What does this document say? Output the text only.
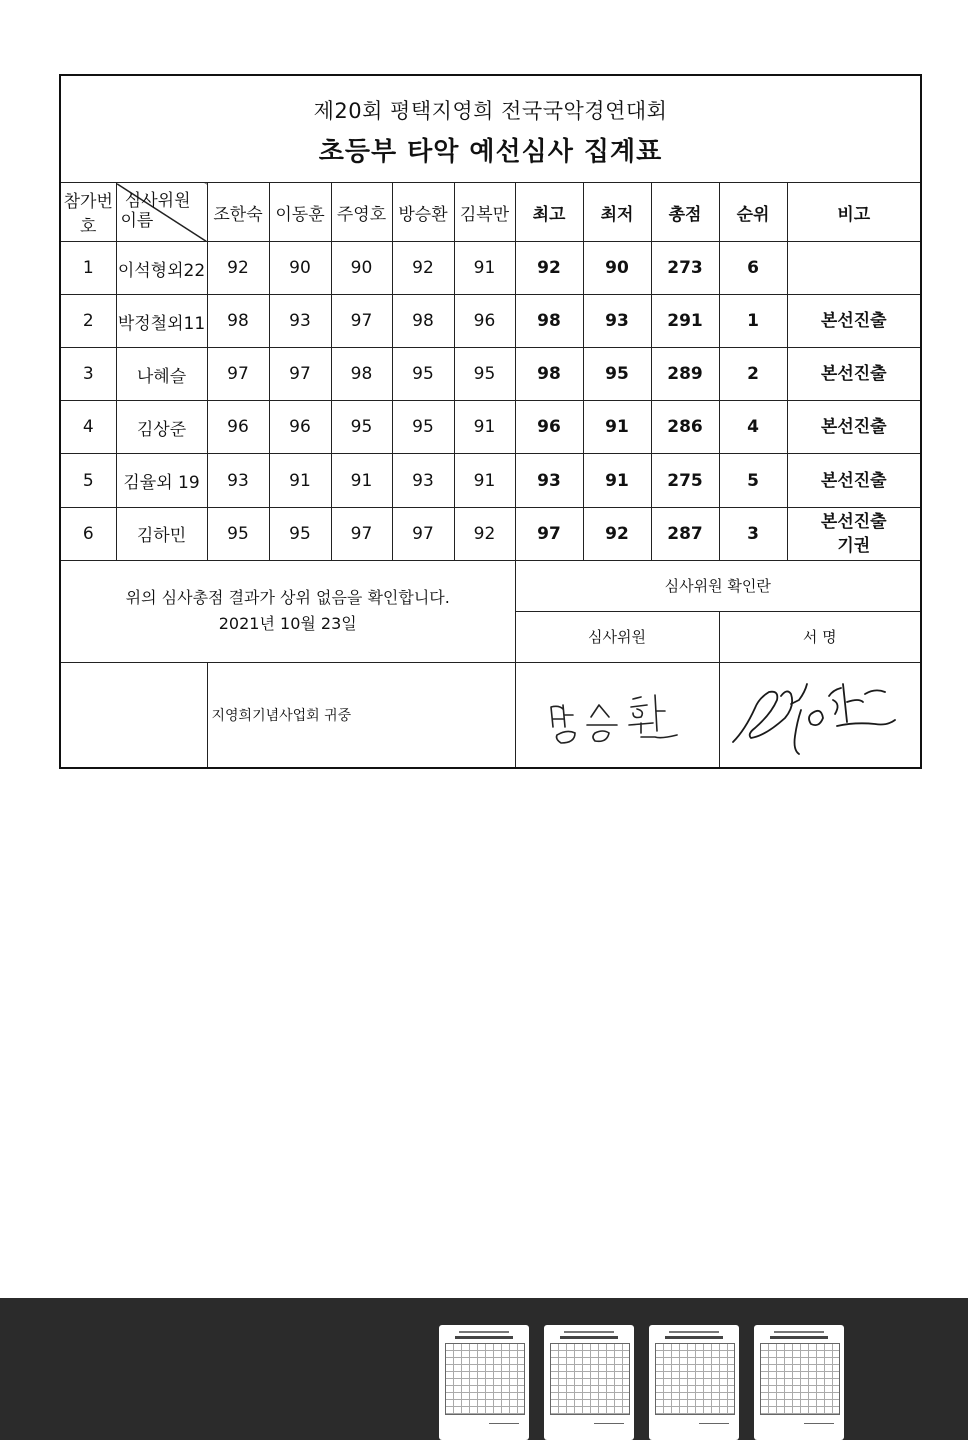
제20회 평택지영희 전국국악경연대회
초등부 타악 예선심사 집계표											

참가번호	심사위원
이름	조한숙	이동훈	주영호	방승환	김복만	최고	최저	총점	순위	비고
1	이석형외22	92	90	90	92	91	92	90	273	6	
2	박정철외11	98	93	97	98	96	98	93	291	1	본선진출
3	나혜슬	97	97	98	95	95	98	95	289	2	본선진출
4	김상준	96	96	95	95	91	96	91	286	4	본선진출
5	김율외 19	93	91	91	93	91	93	91	275	5	본선진출
6	김하민	95	95	97	97	92	97	92	287	3	본선진출
기권
위의 심사총점 결과가 상위 없음을 확인합니다.
2021년 10월 23일							심사위원 확인란				
							심사위원			서 명	
		지영희기념사업회 귀중	
